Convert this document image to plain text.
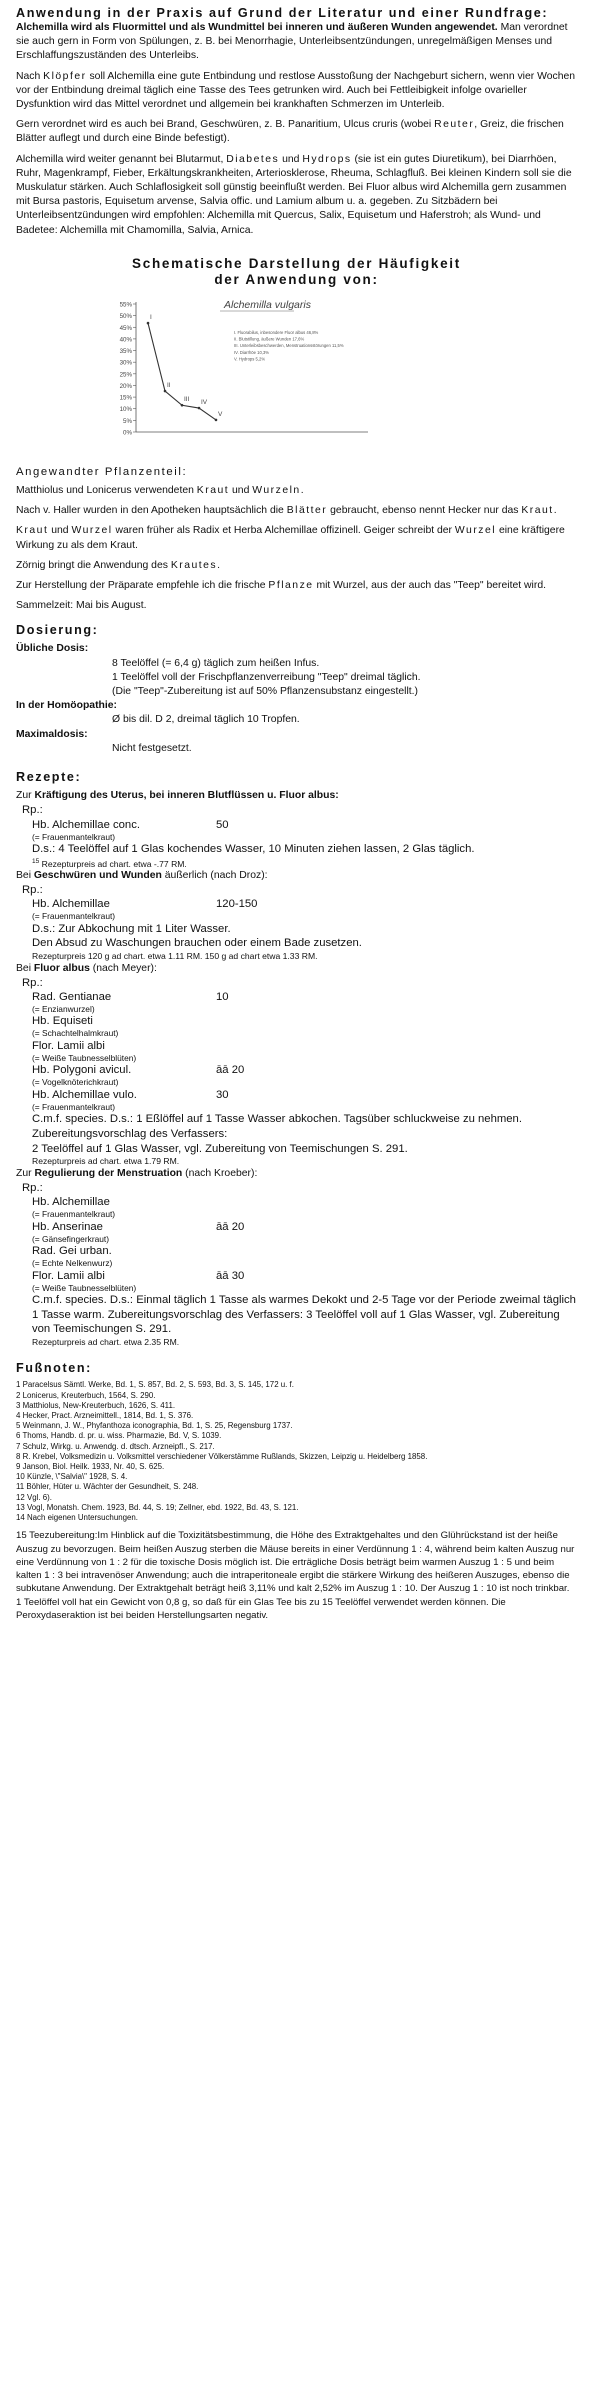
Anwendung in der Praxis auf Grund der Literatur und einer Rundfrage:

Alchemilla wird als Fluormittel und als Wundmittel bei inneren und äußeren Wunden angewendet. Man verordnet sie auch gern in Form von Spülungen, z. B. bei Menorrhagie, Unterleibsentzündungen, unregelmäßigen Menses und Erschlaffungszuständen des Unterleibs.

Nach Klöpfer soll Alchemilla eine gute Entbindung und restlose Ausstoßung der Nachgeburt sichern, wenn vier Wochen vor der Entbindung dreimal täglich eine Tasse des Tees getrunken wird. Auch bei Fettleibigkeit infolge ovarieller Dysfunktion wird das Mittel verordnet und allgemein bei krankhaften Schmerzen im Unterleib.

Gern verordnet wird es auch bei Brand, Geschwüren, z. B. Panaritium, Ulcus cruris (wobei Reuter, Greiz, die frischen Blätter auflegt und durch eine Binde befestigt).

Alchemilla wird weiter genannt bei Blutarmut, Diabetes und Hydrops (sie ist ein gutes Diuretikum), bei Diarrhöen, Ruhr, Magenkrampf, Fieber, Erkältungskrankheiten, Arteriosklerose, Rheuma, Schlagfluß. Bei kleinen Kindern soll sie die Muskulatur stärken. Auch Schlaflosigkeit soll günstig beeinflußt werden. Bei Fluor albus wird Alchemilla gern zusammen mit Bursa pastoris, Equisetum arvense, Salvia offic. und Lamium album u. a. gegeben. Zu Sitzbädern bei Unterleibsentzündungen wird empfohlen: Alchemilla mit Quercus, Salix, Equisetum und Haferstroh; als Wund- und Badetee: Alchemilla mit Chamomilla, Salvia, Arnica.

Schematische Darstellung der Häufigkeit
der Anwendung von:
55%
50%
45%
40%
35%
30%
25%
20%
15%
10%
5%
0%
Alchemilla vulgaris
I
II
III IV
V
I. Fluorabilus, inbesondere Fluor albus 46,8%
II. Blutstillung, äußere Wunden 17,6%
III. Unterleibsbeschwerden, Menstruationsstörungen 11,5%
IV. Diarrhöe 10,3%
V. Hydrops 5,2%
Angewandter Pflanzenteil:

Matthiolus und Lonicerus verwendeten Kraut und Wurzeln.

Nach v. Haller wurden in den Apotheken hauptsächlich die Blätter gebraucht, ebenso nennt Hecker nur das Kraut.

Kraut und Wurzel waren früher als Radix et Herba Alchemillae offizinell. Geiger schreibt der Wurzel eine kräftigere Wirkung zu als dem Kraut.

Zörnig bringt die Anwendung des Krautes.

Zur Herstellung der Präparate empfehle ich die frische Pflanze mit Wurzel, aus der auch das "Teep" bereitet wird.

Sammelzeit: Mai bis August.

Dosierung:
Übliche Dosis:
8 Teelöffel (= 6,4 g) täglich zum heißen Infus.
1 Teelöffel voll der Frischpflanzenverreibung "Teep" dreimal täglich.
(Die "Teep"-Zubereitung ist auf 50% Pflanzensubstanz eingestellt.)
In der Homöopathie:
Ø bis dil. D 2, dreimal täglich 10 Tropfen.
Maximaldosis:
Nicht festgesetzt.
Rezepte:
Zur Kräftigung des Uterus, bei inneren Blutflüssen u. Fluor albus:
Rp.:
Hb. Alchemillae conc.	50
(= Frauenmantelkraut)
D.s.: 4 Teelöffel auf 1 Glas kochendes Wasser, 10 Minuten ziehen lassen, 2 Glas täglich.
$^{15}$ Rezepturpreis ad chart. etwa -.77 RM.
Bei Geschwüren und Wunden äußerlich (nach Droz):
Rp.:
Hb. Alchemillae	120-150
(= Frauenmantelkraut)
D.s.: Zur Abkochung mit 1 Liter Wasser.
Den Absud zu Waschungen brauchen oder einem Bade zusetzen.
Rezepturpreis 120 g ad chart. etwa 1.11 RM. 150 g ad chart etwa 1.33 RM.
Bei Fluor albus (nach Meyer):
Rp.:
Rad. Gentianae	10
(= Enzianwurzel)
Hb. Equiseti
(= Schachtelhalmkraut)
Flor. Lamii albi
(= Weiße Taubnesselblüten)
Hb. Polygoni avicul.	āā 20
(= Vogelknöterichkraut)
Hb. Alchemillae vulo.	30
(= Frauenmantelkraut)
C.m.f. species. D.s.: 1 Eßlöffel auf 1 Tasse Wasser abkochen. Tagsüber schluckweise zu nehmen. Zubereitungsvorschlag des Verfassers:
2 Teelöffel auf 1 Glas Wasser, vgl. Zubereitung von Teemischungen S. 291.
Rezepturpreis ad chart. etwa 1.79 RM.
Zur Regulierung der Menstruation (nach Kroeber):
Rp.:
Hb. Alchemillae
(= Frauenmantelkraut)
Hb. Anserinae	āā 20
(= Gänsefingerkraut)
Rad. Gei urban.
(= Echte Nelkenwurz)
Flor. Lamii albi	āā 30
(= Weiße Taubnesselblüten)
C.m.f. species. D.s.: Einmal täglich 1 Tasse als warmes Dekokt und 2-5 Tage vor der Periode zweimal täglich 1 Tasse warm. Zubereitungsvorschlag des Verfassers: 3 Teelöffel voll auf 1 Glas Wasser, vgl. Zubereitung von Teemischungen S. 291.
Rezepturpreis ad chart. etwa 2.35 RM.
Fußnoten:
1 Paracelsus Sämtl. Werke, Bd. 1, S. 857, Bd. 2, S. 593, Bd. 3, S. 145, 172 u. f.
2 Lonicerus, Kreuterbuch, 1564, S. 290.
3 Matthiolus, New-Kreuterbuch, 1626, S. 411.
4 Hecker, Pract. Arzneimittell., 1814, Bd. 1, S. 376.
5 Weinmann, J. W., Phyfanthoza iconographia, Bd. 1, S. 25, Regensburg 1737.
6 Thoms, Handb. d. pr. u. wiss. Pharmazie, Bd. V, S. 1039.
7 Schulz, Wirkg. u. Anwendg. d. dtsch. Arzneipfl., S. 217.
8 R. Krebel, Volksmedizin u. Volksmittel verschiedener Völkerstämme Rußlands, Skizzen, Leipzig u. Heidelberg 1858.
9 Janson, Biol. Heilk. 1933, Nr. 40, S. 625.
10 Künzle, \"Salvia\" 1928, S. 4.
11 Böhler, Hüter u. Wächter der Gesundheit, S. 248.
12 Vgl. 6).
13 Vogl, Monatsh. Chem. 1923, Bd. 44, S. 19; Zellner, ebd. 1922, Bd. 43, S. 121.
14 Nach eigenen Untersuchungen.
15 Teezubereitung:Im Hinblick auf die Toxizitätsbestimmung, die Höhe des Extraktgehaltes und den Glührückstand ist der heiße Auszug zu bevorzugen. Beim heißen Auszug sterben die Mäuse bereits in einer Verdünnung 1 : 4, während beim kalten Auszug nur eine Verdünnung von 1 : 2 für die toxische Dosis möglich ist. Die erträgliche Dosis beträgt beim warmen Auszug 1 : 5 und beim kalten 1 : 3 bei intravenöser Anwendung; auch die intraperitoneale ergibt die stärkere Wirkung des heißeren Auszuges, ebenso die subkutane Anwendung. Der Extraktgehalt beträgt heiß 3,11% und kalt 2,52% im Auszug 1 : 10. Der Auszug 1 : 10 ist noch trinkbar. 1 Teelöffel voll hat ein Gewicht von 0,8 g, so daß für ein Glas Tee bis zu 15 Teelöffel verwendet werden können. Die Peroxydaseraktion ist bei beiden Herstellungsarten negativ.
